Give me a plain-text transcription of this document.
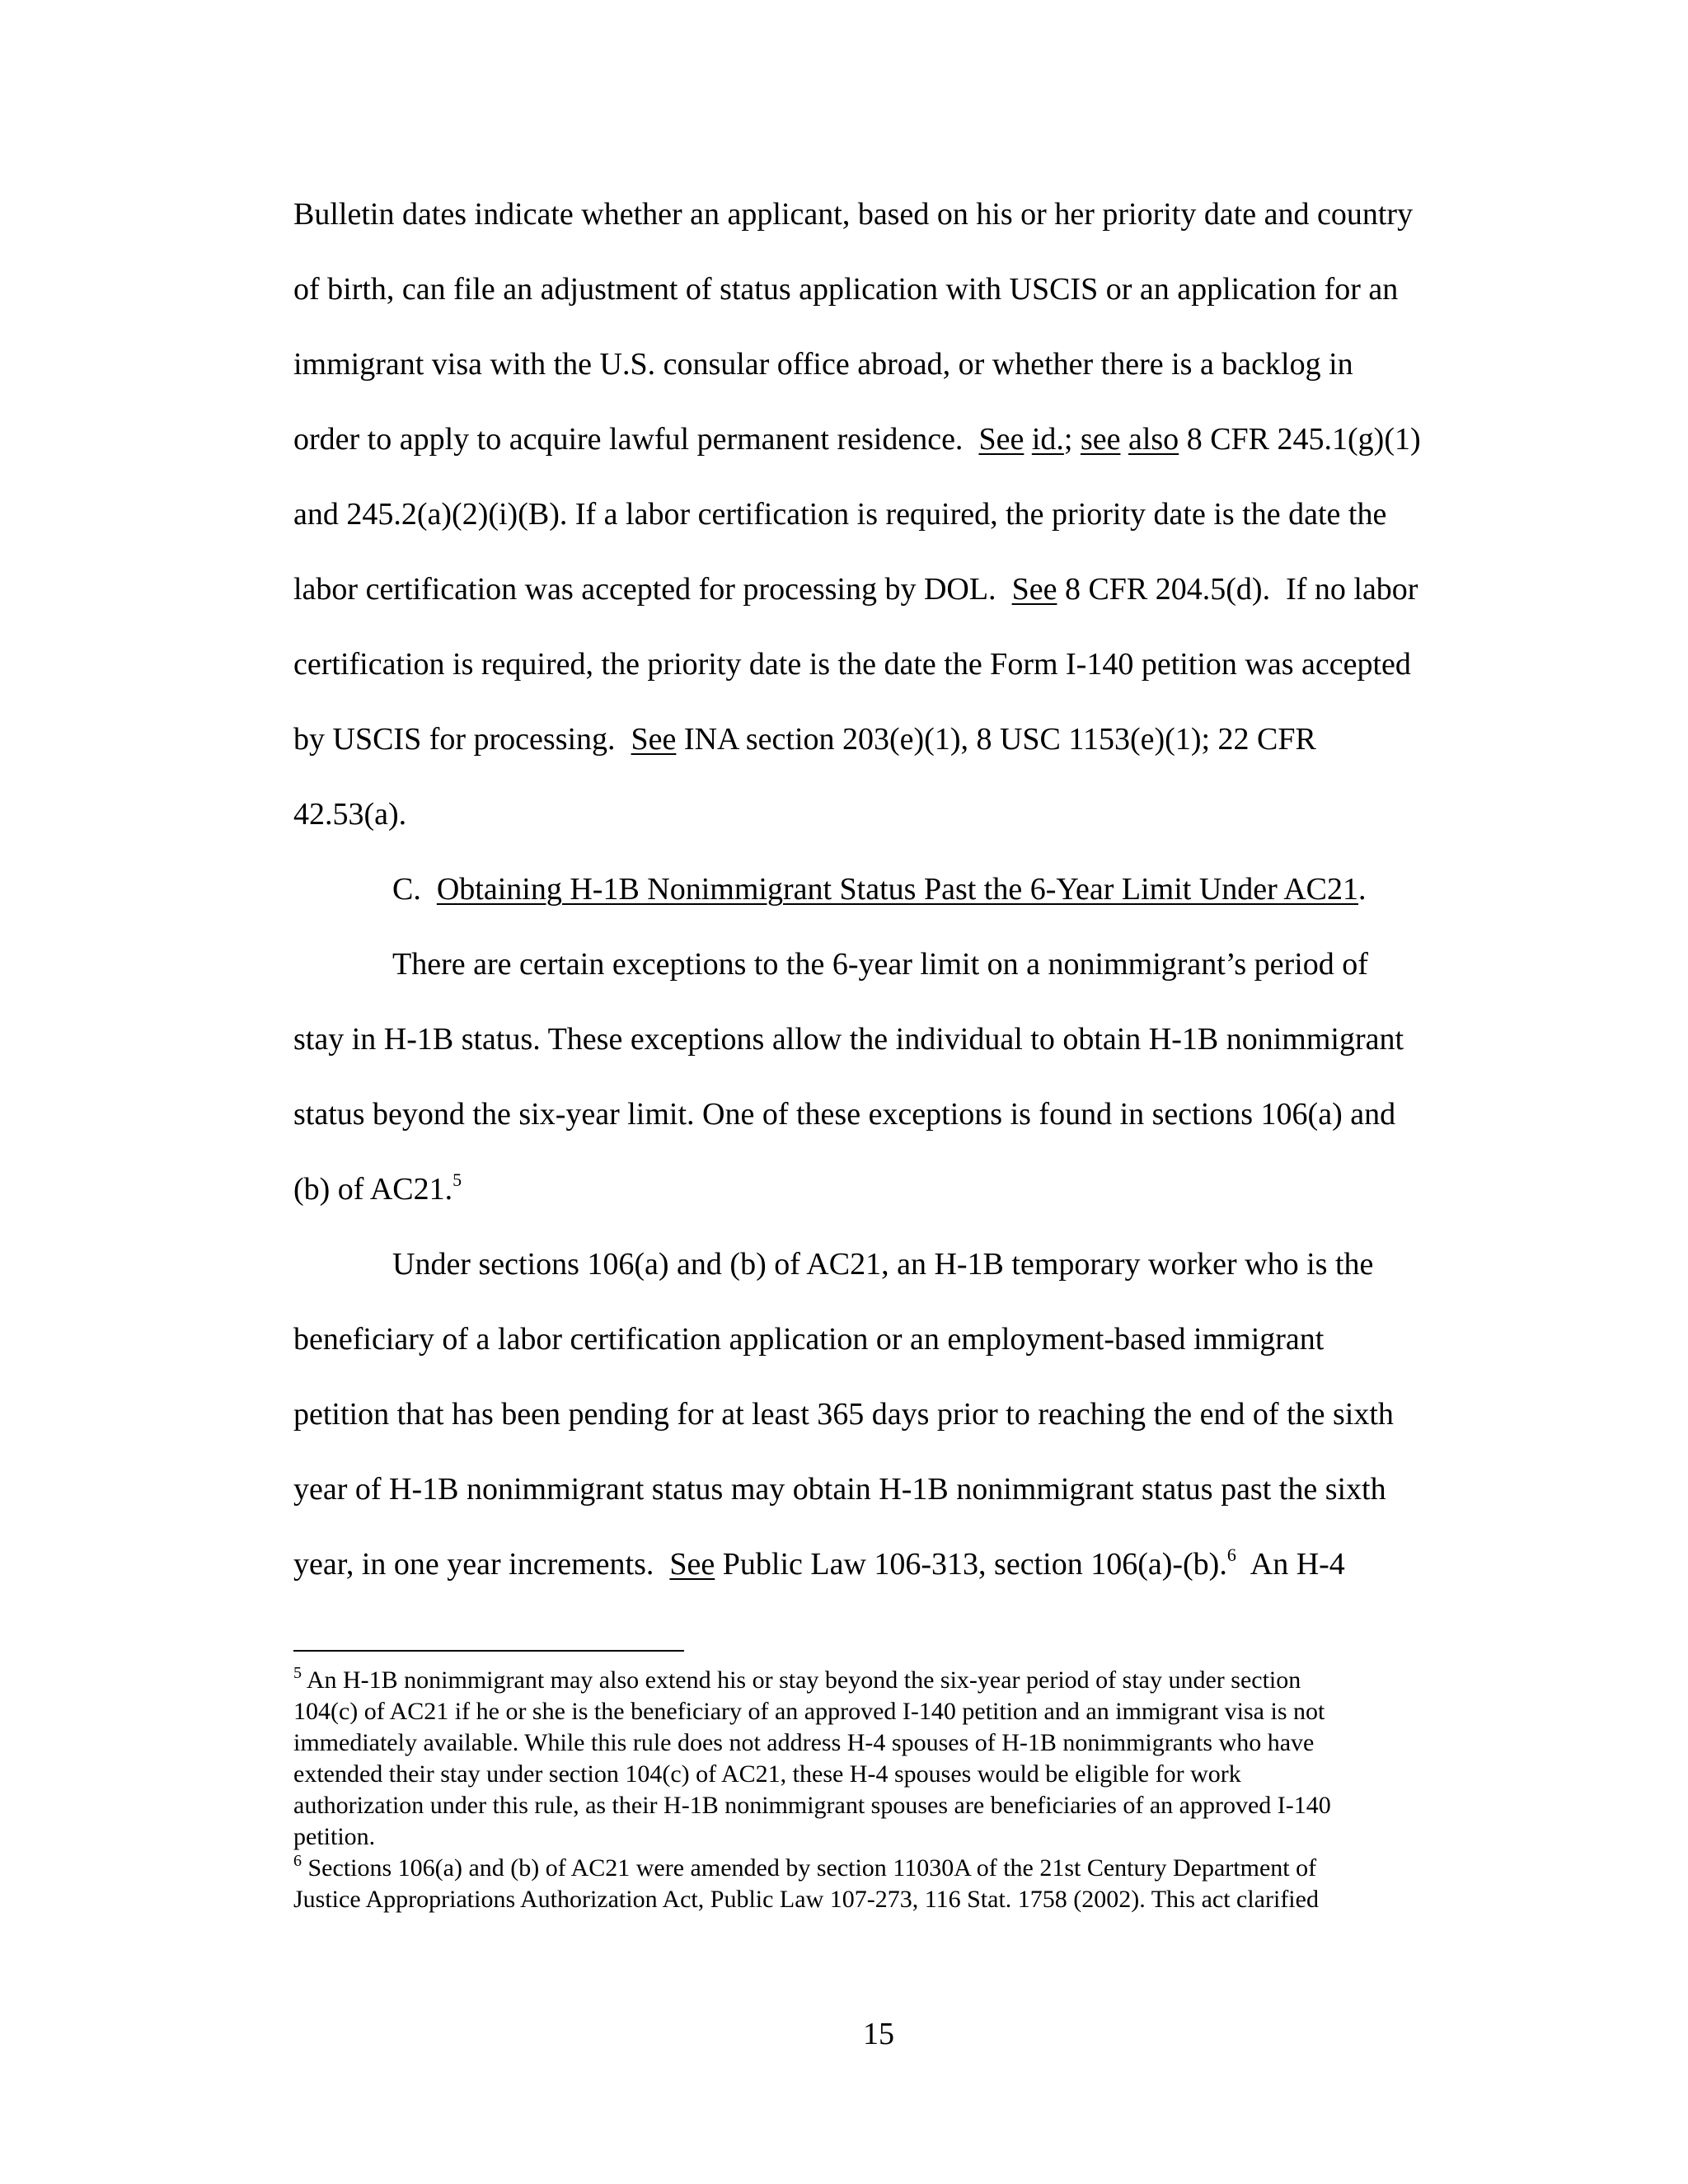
Bulletin dates indicate whether an applicant, based on his or her priority date and country
of birth, can file an adjustment of status application with USCIS or an application for an
immigrant visa with the U.S. consular office abroad, or whether there is a backlog in
order to apply to acquire lawful permanent residence.  See id.; see also 8 CFR 245.1(g)(1)
and 245.2(a)(2)(i)(B). If a labor certification is required, the priority date is the date the
labor certification was accepted for processing by DOL.  See 8 CFR 204.5(d).  If no labor
certification is required, the priority date is the date the Form I-140 petition was accepted
by USCIS for processing.  See INA section 203(e)(1), 8 USC 1153(e)(1); 22 CFR
42.53(a).
C.  Obtaining H-1B Nonimmigrant Status Past the 6-Year Limit Under AC21.
There are certain exceptions to the 6-year limit on a nonimmigrant’s period of
stay in H-1B status. These exceptions allow the individual to obtain H-1B nonimmigrant
status beyond the six-year limit. One of these exceptions is found in sections 106(a) and
(b) of AC21.$^5$
Under sections 106(a) and (b) of AC21, an H-1B temporary worker who is the
beneficiary of a labor certification application or an employment-based immigrant
petition that has been pending for at least 365 days prior to reaching the end of the sixth
year of H-1B nonimmigrant status may obtain H-1B nonimmigrant status past the sixth
year, in one year increments.  See Public Law 106-313, section 106(a)-(b).$^6$  An H-4
$^5$ An H-1B nonimmigrant may also extend his or stay beyond the six-year period of stay under section
104(c) of AC21 if he or she is the beneficiary of an approved I-140 petition and an immigrant visa is not
immediately available. While this rule does not address H-4 spouses of H-1B nonimmigrants who have
extended their stay under section 104(c) of AC21, these H-4 spouses would be eligible for work
authorization under this rule, as their H-1B nonimmigrant spouses are beneficiaries of an approved I-140
petition.
$^6$ Sections 106(a) and (b) of AC21 were amended by section 11030A of the 21st Century Department of
Justice Appropriations Authorization Act, Public Law 107-273, 116 Stat. 1758 (2002). This act clarified
15
